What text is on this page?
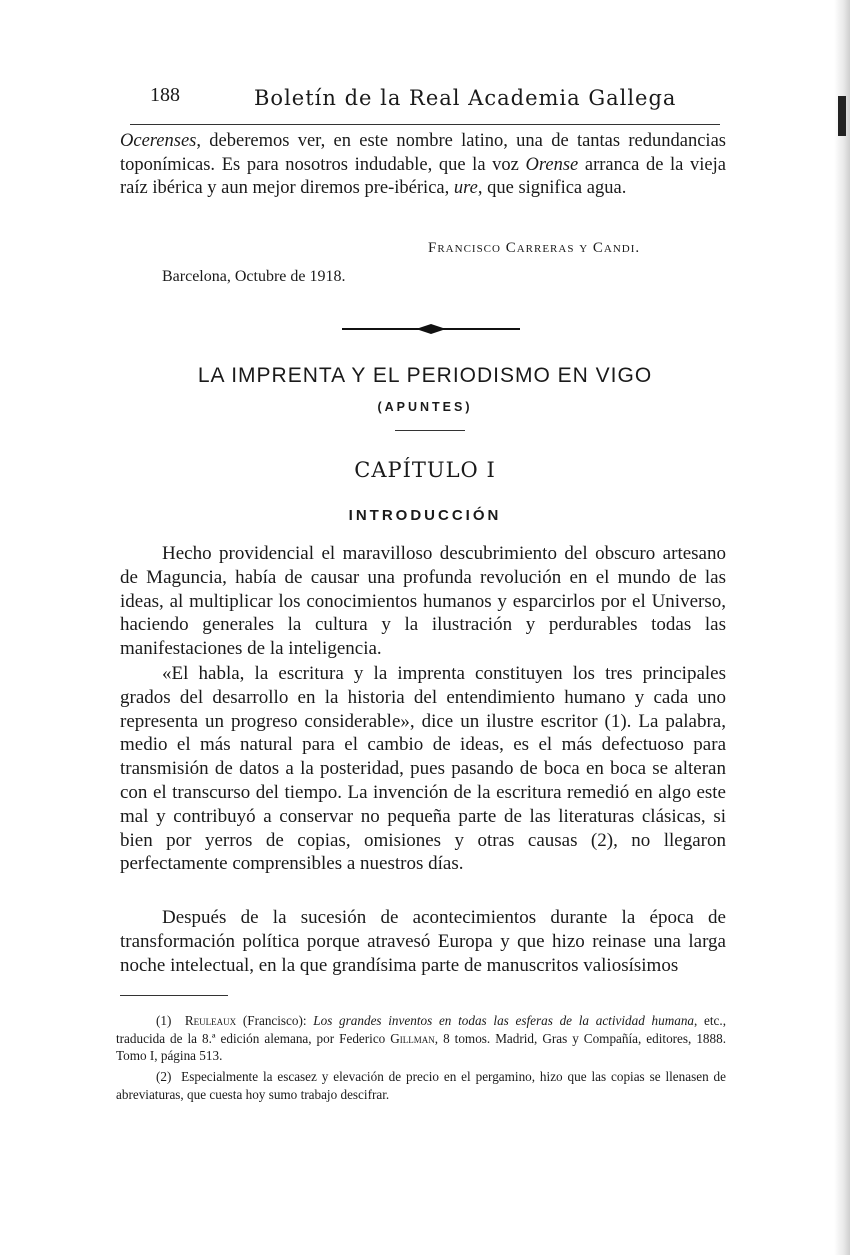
188	Boletín de la Real Academia Gallega

Ocerenses, deberemos ver, en este nombre latino, una de tantas redundancias toponímicas. Es para nosotros indudable, que la voz Orense arranca de la vieja raíz ibérica y aun mejor diremos pre-ibérica, ure, que significa agua.

Francisco Carreras y Candi.
Barcelona, Octubre de 1918.
LA IMPRENTA Y EL PERIODISMO EN VIGO
(APUNTES)
CAPÍTULO I
INTRODUCCIÓN

Hecho providencial el maravilloso descubrimiento del obscuro artesano de Maguncia, había de causar una profunda revolución en el mundo de las ideas, al multiplicar los conocimientos humanos y esparcirlos por el Universo, haciendo generales la cultura y la ilustración y perdurables todas las manifestaciones de la inteligencia.

«El habla, la escritura y la imprenta constituyen los tres principales grados del desarrollo en la historia del entendimiento humano y cada uno representa un progreso considerable», dice un ilustre escritor (1). La palabra, medio el más natural para el cambio de ideas, es el más defectuoso para transmisión de datos a la posteridad, pues pasando de boca en boca se alteran con el transcurso del tiempo. La invención de la escritura remedió en algo este mal y contribuyó a conservar no pequeña parte de las literaturas clásicas, si bien por yerros de copias, omisiones y otras causas (2), no llegaron perfectamente comprensibles a nuestros días.

Después de la sucesión de acontecimientos durante la época de transformación política porque atravesó Europa y que hizo reinase una larga noche intelectual, en la que grandísima parte de manuscritos valiosísimos

(1) Reuleaux (Francisco): Los grandes inventos en todas las esferas de la actividad humana, etc., traducida de la 8.ª edición alemana, por Federico Gillman, 8 tomos. Madrid, Gras y Compañía, editores, 1888. Tomo I, página 513.

(2) Especialmente la escasez y elevación de precio en el pergamino, hizo que las copias se llenasen de abreviaturas, que cuesta hoy sumo trabajo descifrar.
